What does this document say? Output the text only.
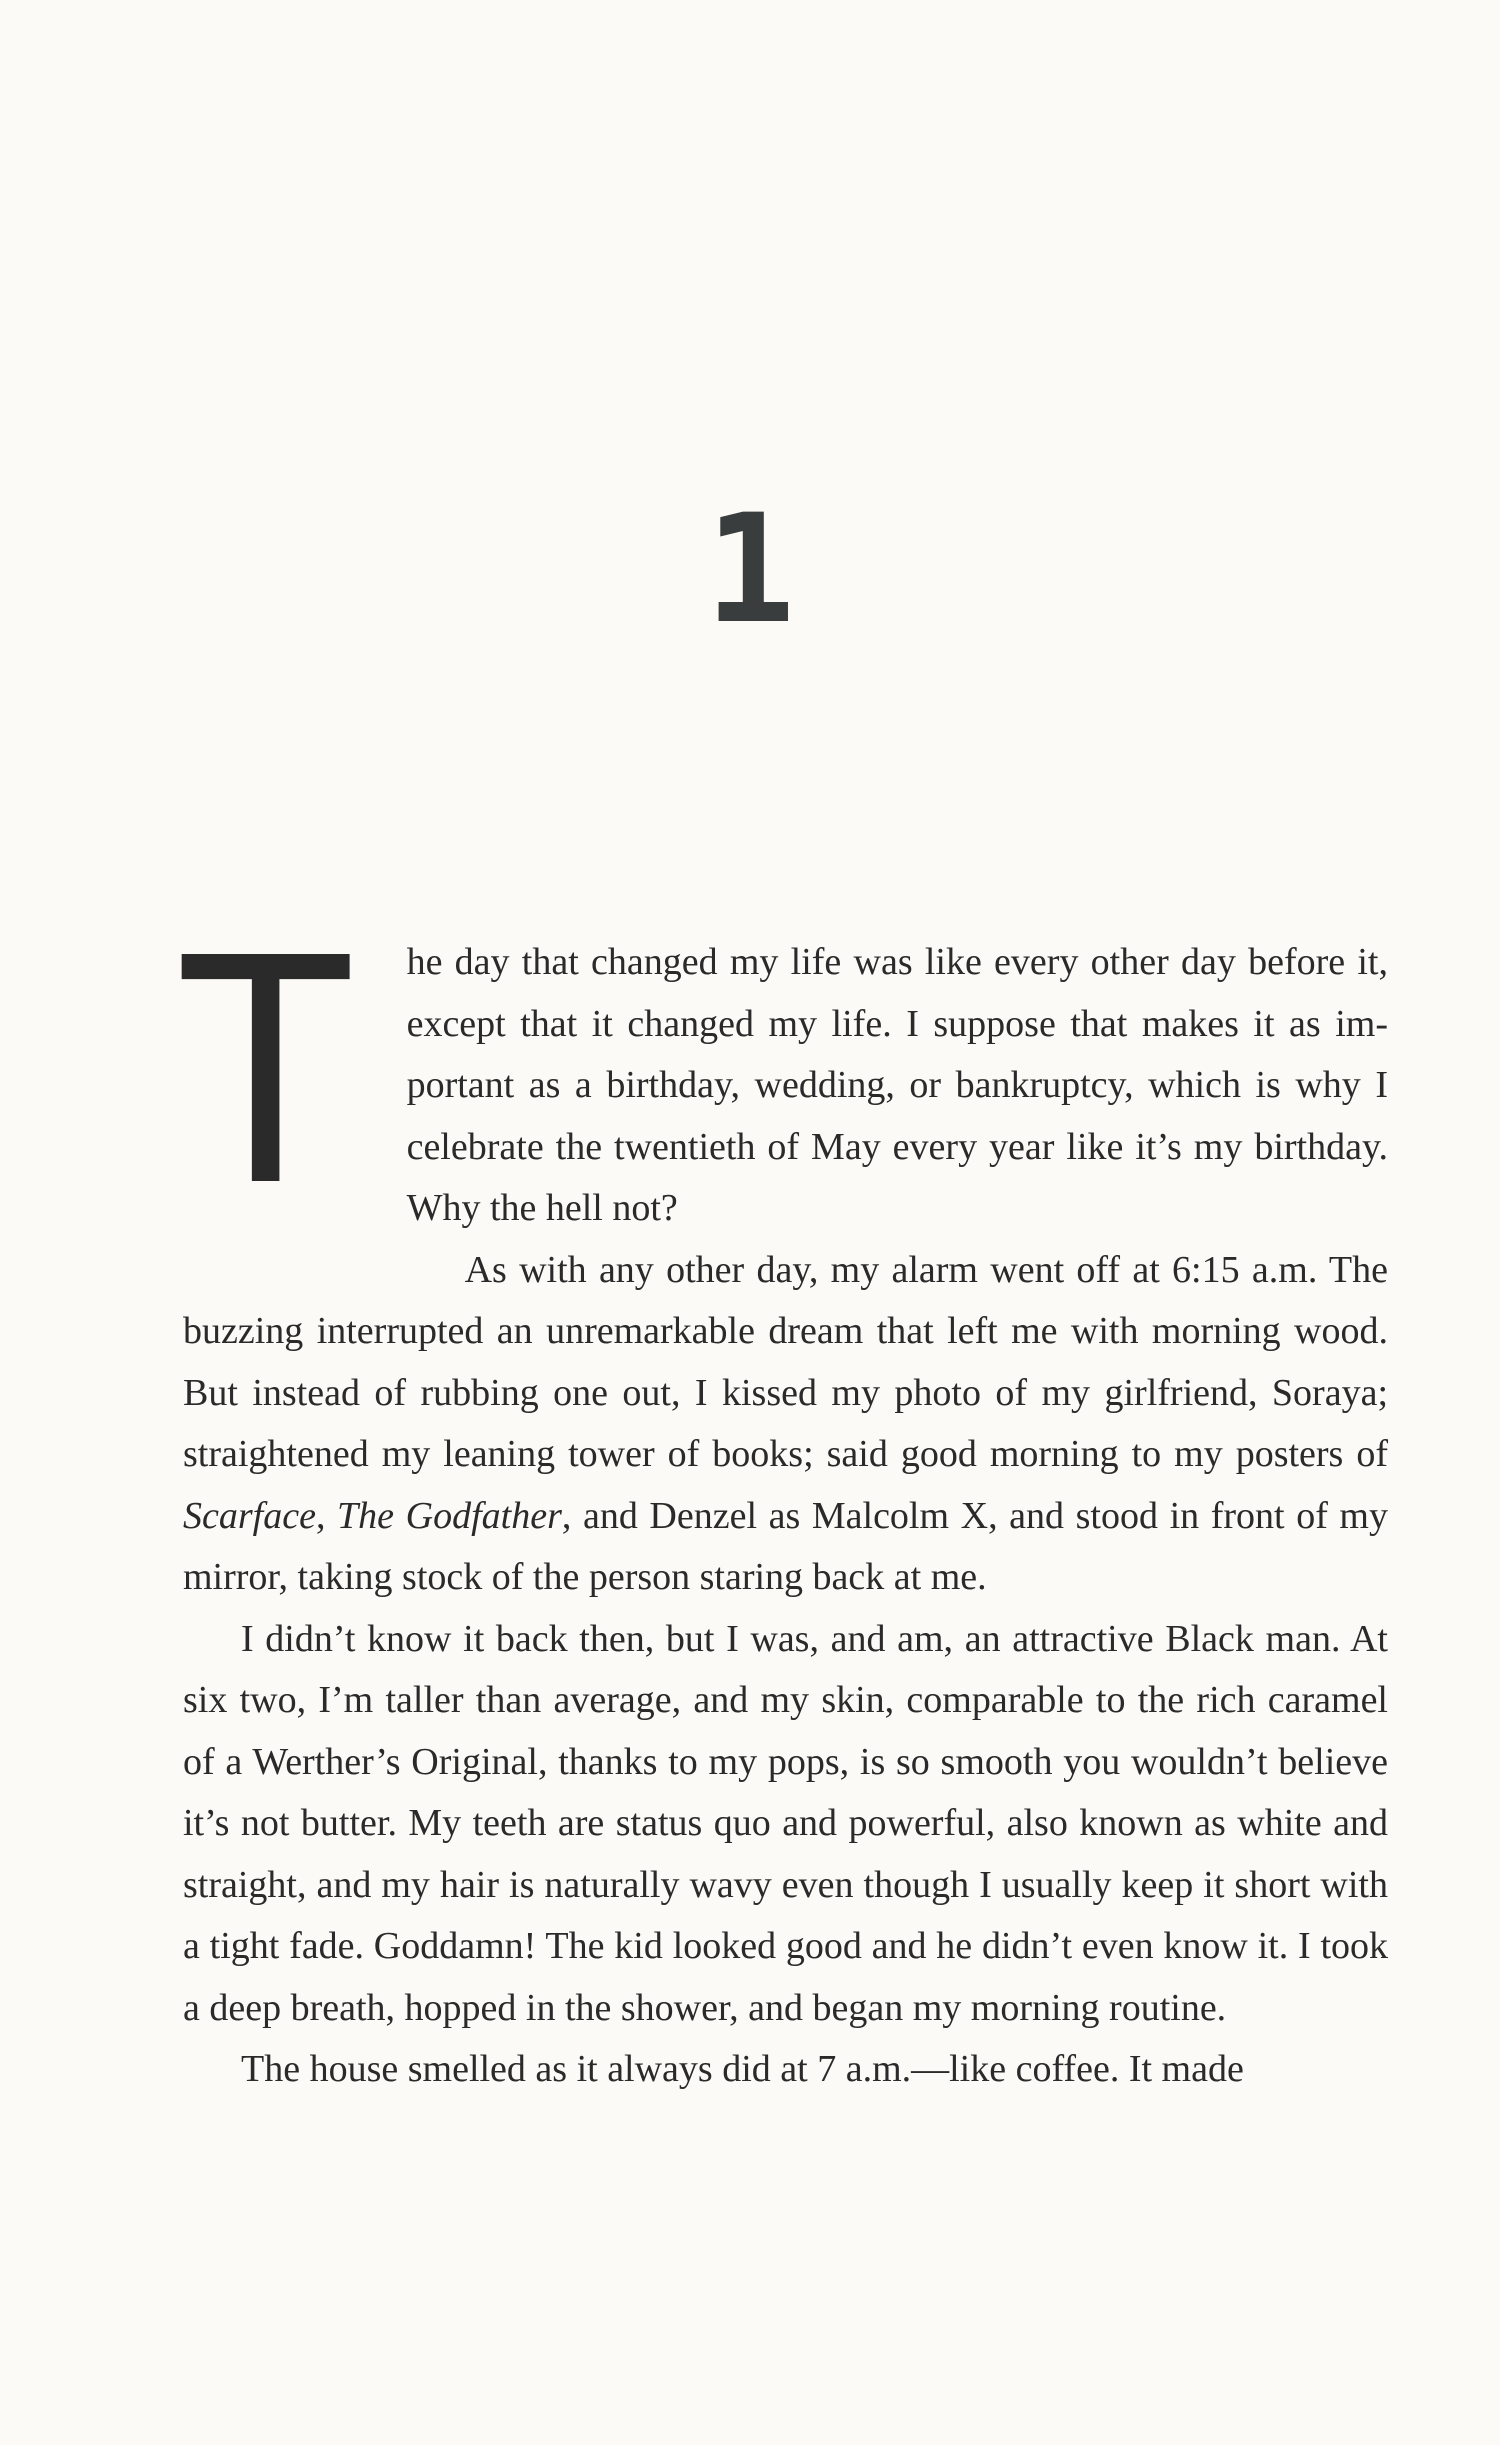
1

T he day that changed my life was like every other day before it, except that it changed my life. I suppose that makes it as important as a birthday, wedding, or bankruptcy, which is why I celebrate the twentieth of May every year like it’s my birthday. Why the hell not?

As with any other day, my alarm went off at 6:15 a.m. The buzzing interrupted an unremarkable dream that left me with morning wood. But instead of rubbing one out, I kissed my photo of my girlfriend, Soraya; straightened my leaning tower of books; said good morning to my posters of Scarface, The Godfather, and Denzel as Malcolm X, and stood in front of my mirror, taking stock of the person staring back at me.

I didn’t know it back then, but I was, and am, an attractive Black man. At six two, I’m taller than average, and my skin, comparable to the rich caramel of a Werther’s Original, thanks to my pops, is so smooth you wouldn’t believe it’s not butter. My teeth are status quo and powerful, also known as white and straight, and my hair is naturally wavy even though I usually keep it short with a tight fade. Goddamn! The kid looked good and he didn’t even know it. I took a deep breath, hopped in the shower, and began my morning routine.

The house smelled as it always did at 7 a.m.—like coffee. It made
